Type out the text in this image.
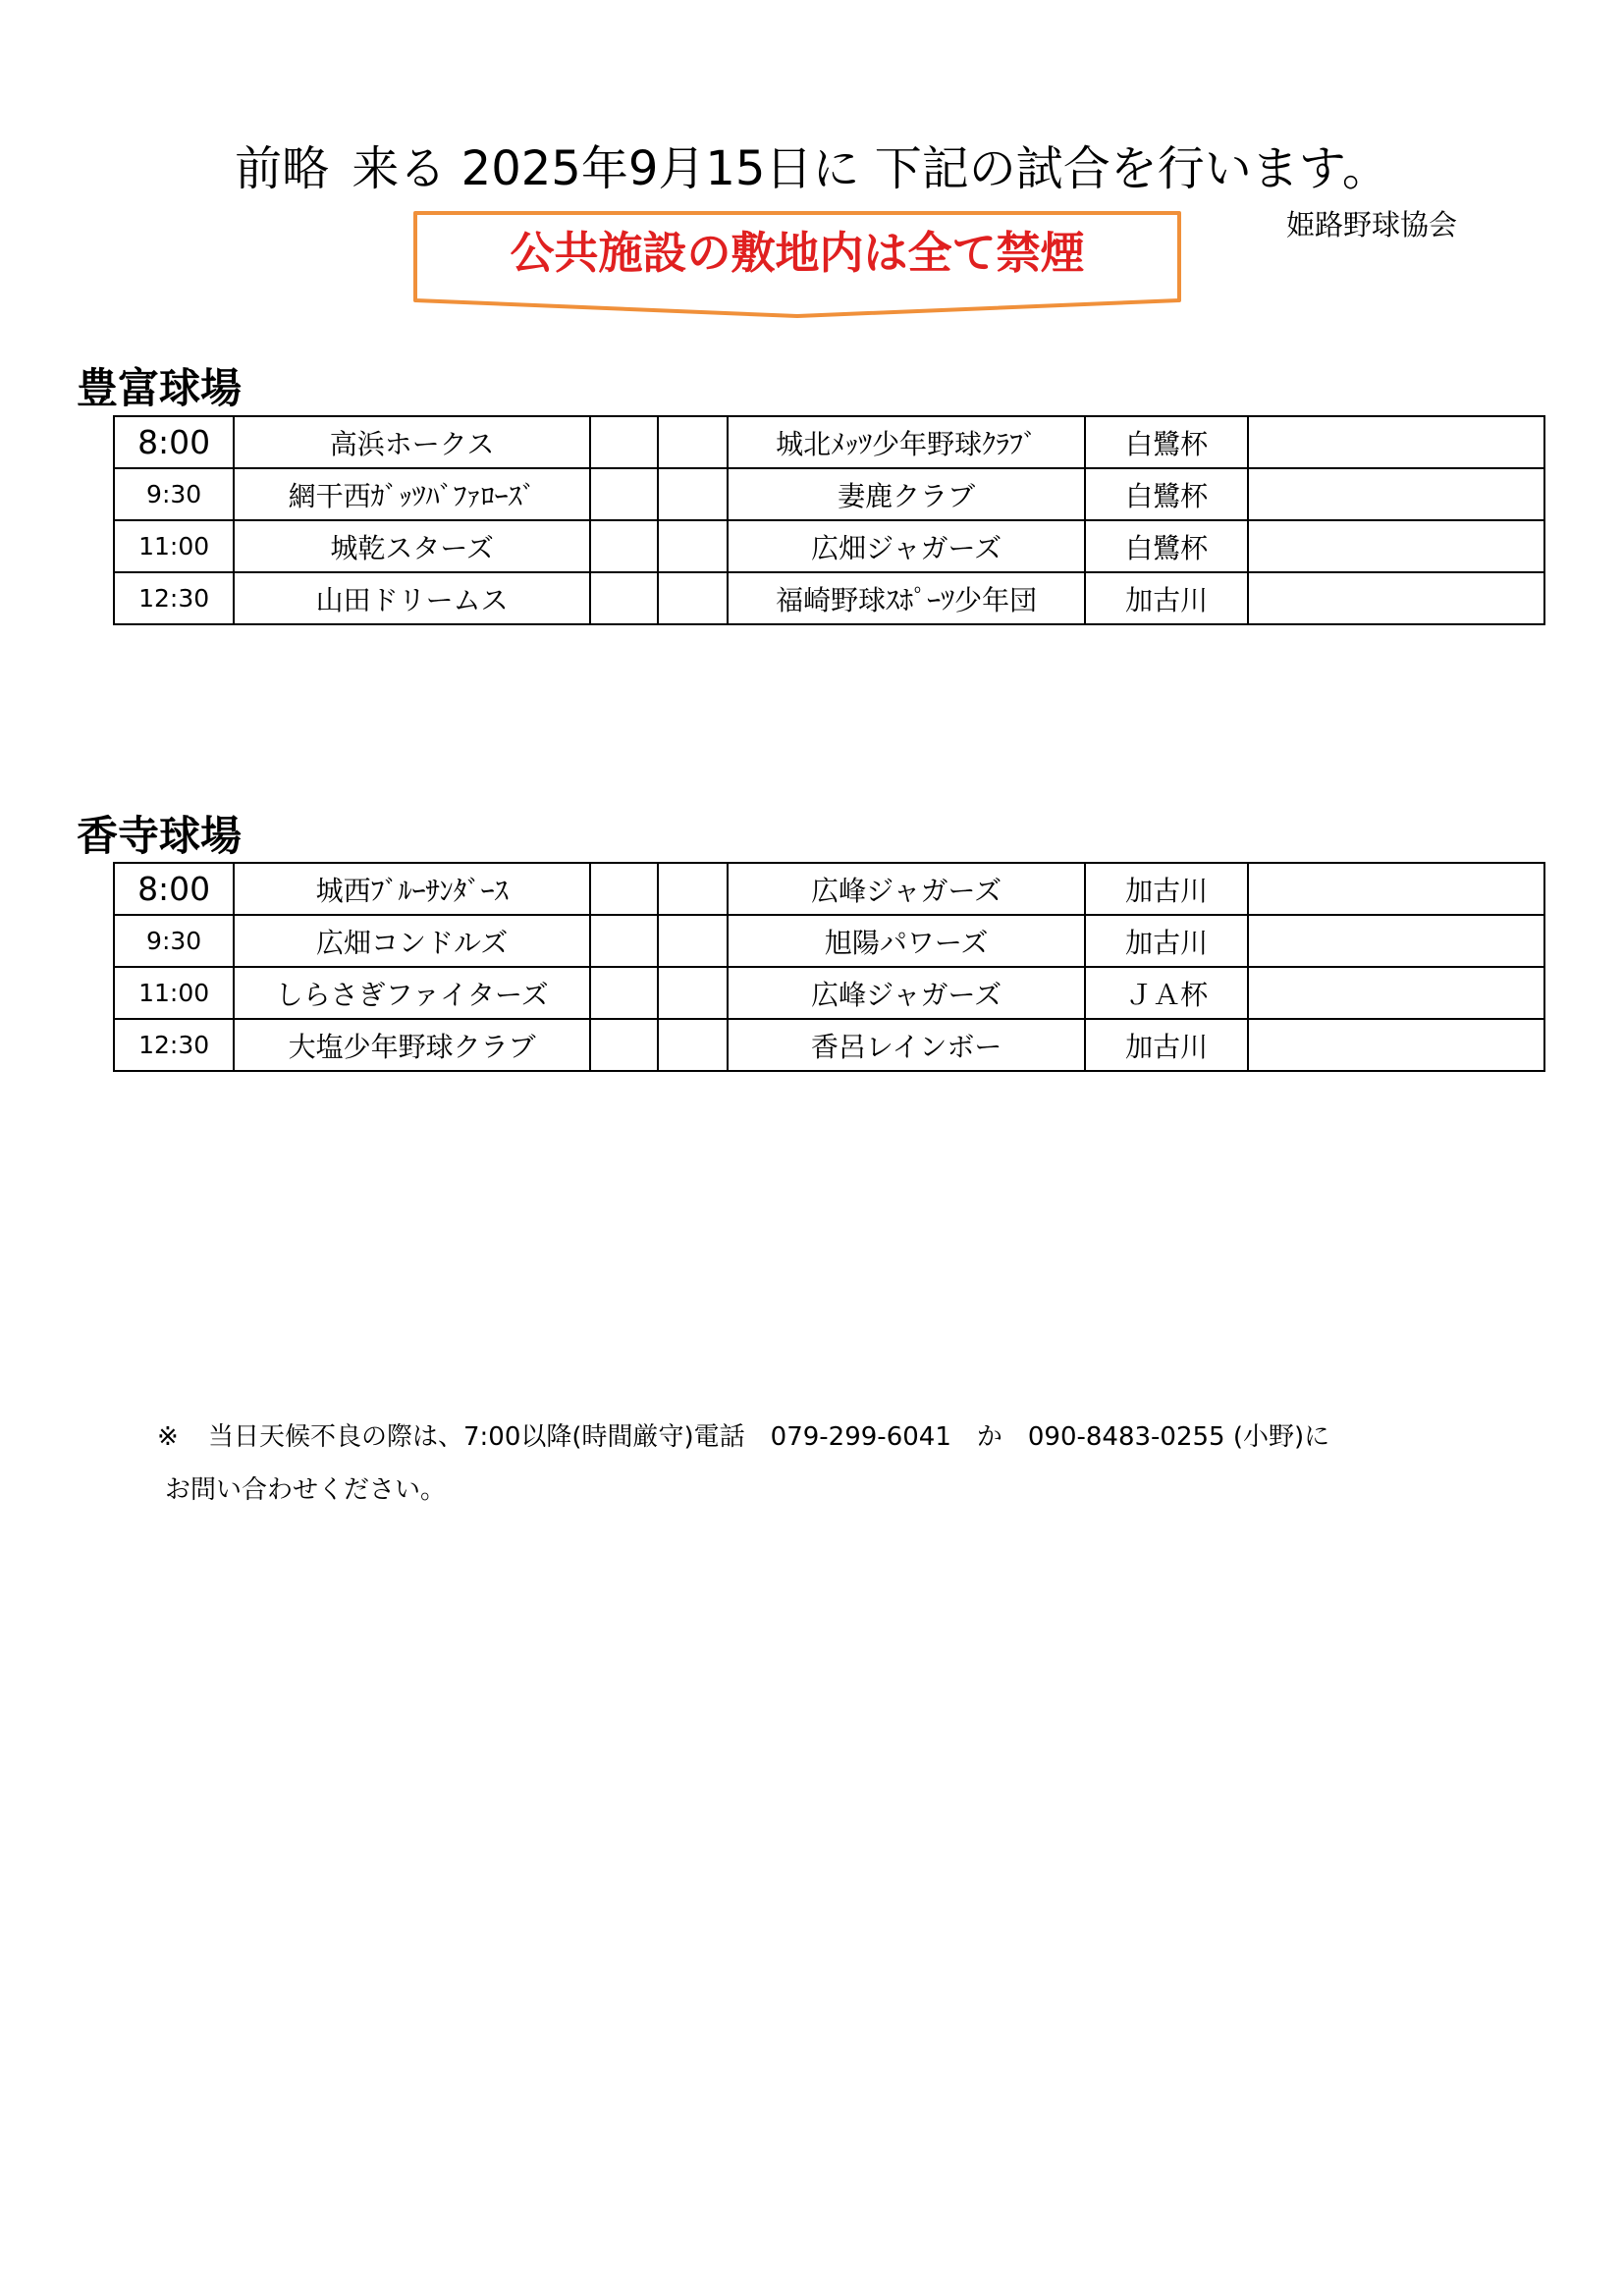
前略 来る 2025年9月15日に 下記の試合を行います。
公共施設の敷地内は全て禁煙
姫路野球協会
豊富球場
8:00	高浜ホークス			城北ﾒｯﾂ少年野球ｸﾗﾌﾞ	白鷺杯	
9:30	網干西ｶﾞｯﾂﾊﾞﾌｧﾛｰｽﾞ			妻鹿クラブ	白鷺杯	
11:00	城乾スターズ			広畑ジャガーズ	白鷺杯	
12:30	山田ドリームス			福崎野球ｽﾎﾟｰﾂ少年団	加古川	
香寺球場
8:00	城西ﾌﾞﾙｰｻﾝﾀﾞｰｽ			広峰ジャガーズ	加古川	
9:30	広畑コンドルズ			旭陽パワーズ	加古川	
11:00	しらさぎファイターズ			広峰ジャガーズ	ＪＡ杯	
12:30	大塩少年野球クラブ			香呂レインボー	加古川	
※ 当日天候不良の際は、7:00以降(時間厳守)電話　079-299-6041　か　090-8483-0255 (小野)に
お問い合わせください。
